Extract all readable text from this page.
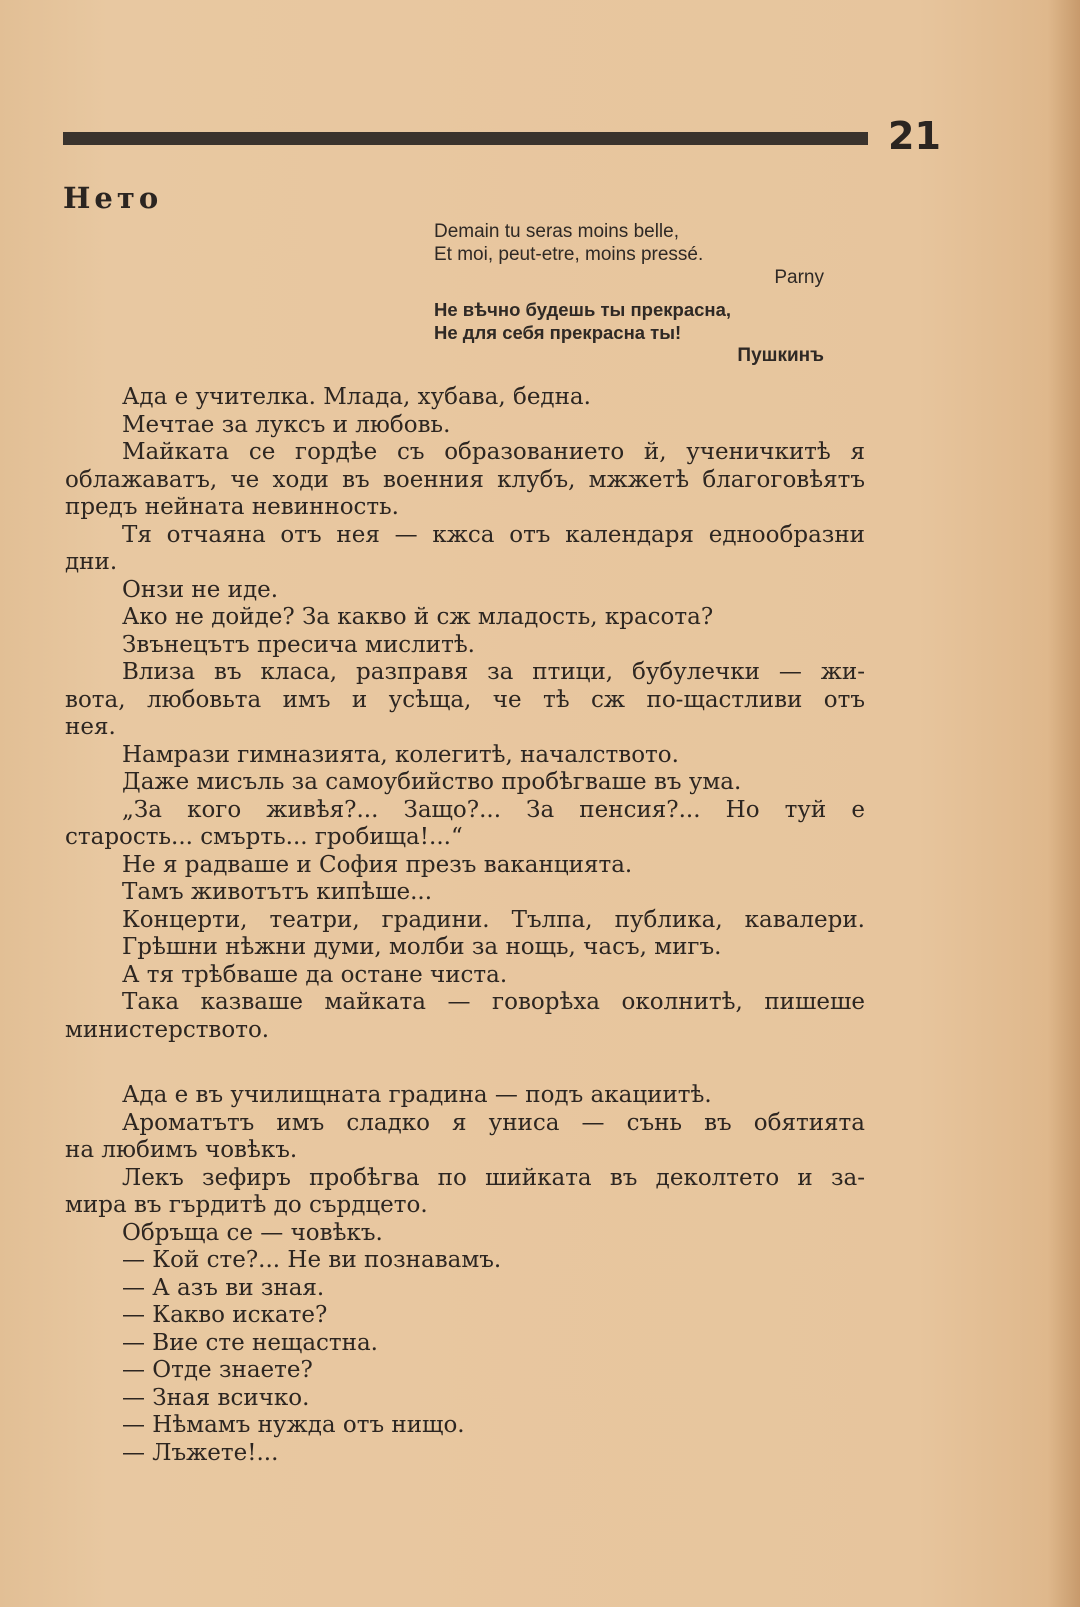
21
Нето
Demain tu seras moins belle,
Et moi, peut-etre, moins pressé.
Parny
Не вѣчно будешь ты прекрасна,
Не для себя прекрасна ты!
Пушкинъ
Ада е учителка. Млада, хубава, бедна.
Мечтае за луксъ и любовь.
Майката се гордѣе съ образованието й, ученичкитѣ я
облажаватъ, че ходи въ военния клубъ, мжжетѣ благоговѣятъ
предъ нейната невинность.
Тя отчаяна отъ нея — кжса отъ календаря еднообразни
дни.
Онзи не иде.
Ако не дойде? За какво й сж младость, красота?
Звънецътъ пресича мислитѣ.
Влиза въ класа, разправя за птици, бубулечки — жи-
вота, любовьта имъ и усѣща, че тѣ сж по-щастливи отъ
нея.
Намрази гимназията, колегитѣ, началството.
Даже мисъль за самоубийство пробѣгваше въ ума.
„За кого живѣя?... Защо?... За пенсия?... Но туй е
старость... смърть... гробища!...“
Не я радваше и София презъ ваканцията.
Тамъ животътъ кипѣше...
Концерти, театри, градини. Тълпа, публика, кавалери.
Грѣшни нѣжни думи, молби за нощь, часъ, мигъ.
А тя трѣбваше да остане чиста.
Така казваше майката — говорѣха околнитѣ, пишеше
министерството.
Ада е въ училищната градина — подъ акациитѣ.
Ароматътъ имъ сладко я униса — сънь въ обятията
на любимъ човѣкъ.
Лекъ зефиръ пробѣгва по шийката въ деколтето и за-
мира въ гърдитѣ до сърдцето.
Обръща се — човѣкъ.
— Кой сте?... Не ви познавамъ.
— А азъ ви зная.
— Какво искате?
— Вие сте нещастна.
— Отде знаете?
— Зная всичко.
— Нѣмамъ нужда отъ нищо.
— Лъжете!...
